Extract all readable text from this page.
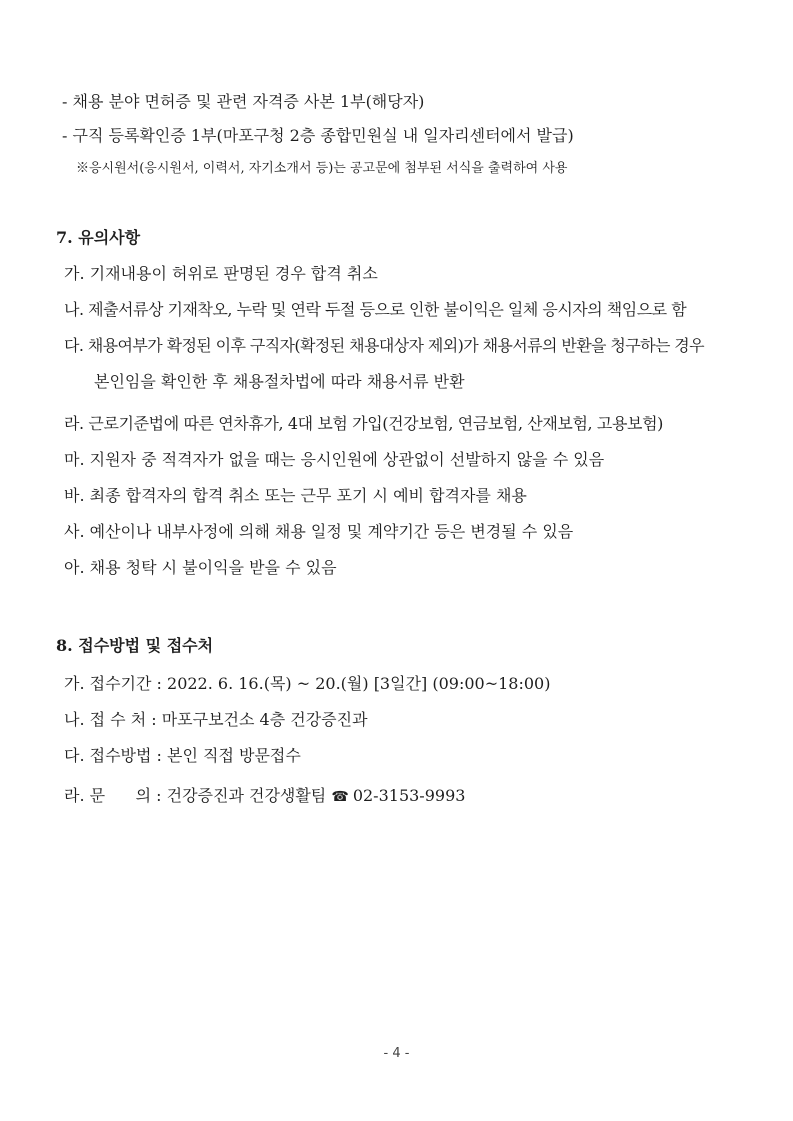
- 채용 분야 면허증 및 관련 자격증 사본 1부(해당자)
- 구직 등록확인증 1부(마포구청 2층 종합민원실 내 일자리센터에서 발급)
※응시원서(응시원서, 이력서, 자기소개서 등)는 공고문에 첨부된 서식을 출력하여 사용
7. 유의사항
가. 기재내용이 허위로 판명된 경우 합격 취소
나. 제출서류상 기재착오, 누락 및 연락 두절 등으로 인한 불이익은 일체 응시자의 책임으로 함
다. 채용여부가 확정된 이후 구직자(확정된 채용대상자 제외)가 채용서류의 반환을 청구하는 경우
본인임을 확인한 후 채용절차법에 따라 채용서류 반환
라. 근로기준법에 따른 연차휴가, 4대 보험 가입(건강보험, 연금보험, 산재보험, 고용보험)
마. 지원자 중 적격자가 없을 때는 응시인원에 상관없이 선발하지 않을 수 있음
바. 최종 합격자의 합격 취소 또는 근무 포기 시 예비 합격자를 채용
사. 예산이나 내부사정에 의해 채용 일정 및 계약기간 등은 변경될 수 있음
아. 채용 청탁 시 불이익을 받을 수 있음
8. 접수방법 및 접수처
가. 접수기간 : 2022. 6. 16.(목) ~ 20.(월) [3일간] (09:00~18:00)
나. 접 수 처 : 마포구보건소 4층 건강증진과
다. 접수방법 : 본인 직접 방문접수
라. 문      의 : 건강증진과 건강생활팀 ☎ 02-3153-9993
- 4 -
